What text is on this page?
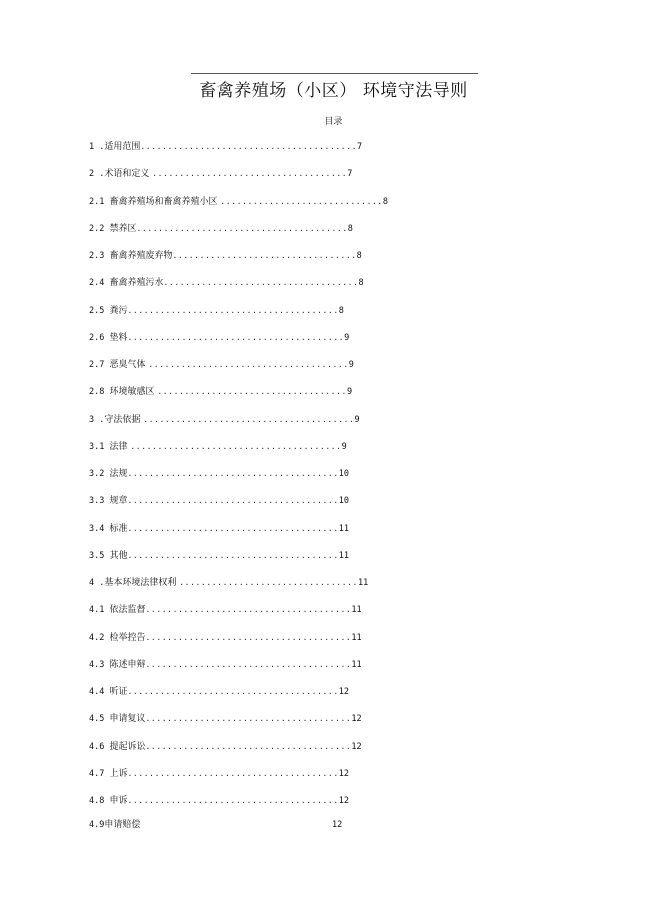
畜禽养殖场（小区） 环境守法导则
目录
1 .适用范围........................................7
2 .术语和定义 ....................................7
2.1 畜禽养殖场和畜禽养殖小区 ..............................8
2.2 禁养区.......................................8
2.3 畜禽养殖废弃物..................................8
2.4 畜禽养殖污水....................................8
2.5 粪污.......................................8
2.6 垫料........................................9
2.7 恶臭气体 .....................................9
2.8 环境敏感区 ...................................9
3 .守法依据 .......................................9
3.1 法律 .......................................9
3.2 法规.......................................10
3.3 规章.......................................10
3.4 标准.......................................11
3.5 其他.......................................11
4 .基本环境法律权利 .................................11
4.1 依法监督......................................11
4.2 检举控告......................................11
4.3 陈述申辩......................................11
4.4 听证.......................................12
4.5 申请复议......................................12
4.6 提起诉讼......................................12
4.7 上诉.......................................12
4.8 申诉.......................................12
4.9申请赔偿	12
